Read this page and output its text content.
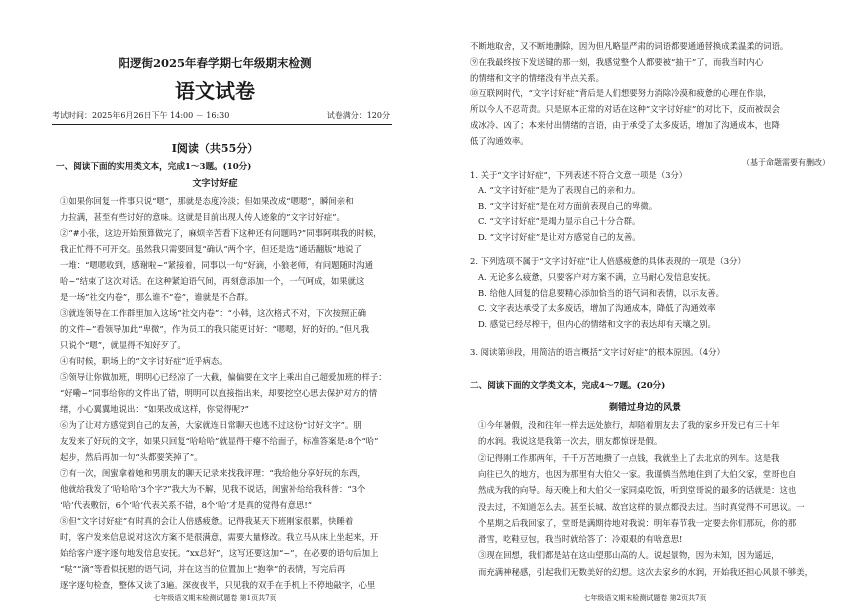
阳逻街2025年春学期七年级期末检测
语文试卷
考试时间：2025年6月26日下午 14:00 － 16:30	试卷满分：120分
Ⅰ阅读（共55分）
一、阅读下面的实用类文本，完成1～3题。(10分)
文字讨好症
①如果你回复一件事只说“嗯”，那就是态度冷淡；但如果改成“嗯嗯”，瞬间亲和
力拉满，甚至有些讨好的意味。这就是目前出现人传人迹象的“文字讨好症”。
②“#小张，这边开始预算做完了，麻烦辛苦看下这种还有问题吗?”同事阿琪我的时候，
我正忙得不可开交。虽然我只需要回复“确认”两个字，但还是选“通话翻版”地说了
一堆：“嗯嗯收到，感谢啦~”紧接着，同事以一句“好滴，小狼老师，有问题随时沟通
哈~”结束了这次对话。在这种紧迫语气间，再刻意添加一个，一气呵成，如果就这
是一场“社交内卷”，那么谁不“卷”，谁就是不合群。
③就连领导在工作群里加入这场“社交内卷”：“小韩，这次格式不对，下次按照正确
的文件~”看领导加此“卑微”，作为员工的我只能更讨好：“嗯嗯，好的好的。”但凡我
只说个“嗯”，就显得不知好歹了。
④有时候，职场上的“文字讨好症”近乎病态。
⑤领导让你做加班，明明心已经凉了一大截，偏偏要在文字上乘出自己超爱加班的样子：
“好嘞~”同事给你的文件出了错，明明可以直接指出来，却要挖空心思去保护对方的情
绪，小心翼翼地说出：“如果改成这样，你觉得呢?”
⑥为了让对方感觉到自己的友善，大家就连日常聊天也逃不过这份“讨好文字”。朋
友发来了好玩的文字，如果只回复“哈哈哈”就显得干瘪不给面子，标准答案是:8个“哈”
起步，然后再加一句“头都要笑掉了”。
⑦有一次，闺蜜拿着她和男朋友的聊天记录来找我评理：“我给他分享好玩的东西，
他就给我发了‘哈哈哈’3个字?”我大为不解，见我不说话，闺蜜补给给我科普：“3个
‘哈’代表敷衍，6个‘哈’代表关系不错，8个‘哈’才是真的觉得有意思!”
⑧但“文字讨好症”有时真的会让人倍感疲惫。记得我某天下班刚家很累，快睡着
时，客户发来信息说对这次方案不是很满意，需要大量修改。我立马从床上坐起来，开
始给客户逐字逐句地发信息安抚。“xx总好”，这写还要这加“~”，在必要的语句后加上
“哒”“滴”等看似抚慰的语气词，并在这当的位置加上“抱拳”的表情，写完后再
逐字逐句检查，整体又读了3遍。深夜夜半，只见我的双手在手机上不停地敲字，心里
七年级语文期末检测试题卷 第1页共7页
不断地取舍，又不断地删除，因为但凡略显严肃的词语都要通通替换成柔温柔的词语。
⑨在我最终按下发送键的那一刻，我感觉整个人都要被“抽干”了，而我当时内心
的情绪和文字的情绪没有半点关系。
⑩互联网时代，“文字讨好症”背后是人们想要努力消除冷漠和疲惫的心理在作祟，
所以今人不忍苛责。只是原本正常的对话在这种“文字讨好症”的对比下，反而被误会
成冰冷、凶了；本来付出情绪的言语，由于承受了太多废话，增加了沟通成本，也降
低了沟通效率。
（基于命题需要有删改）
1. 关于“文字讨好症”，下列表述不符合文意一项是（3分）
A. “文字讨好症”是为了表现自己的亲和力。
B. “文字讨好症”是在对方面前表现自己的卑微。
C. “文字讨好症”是竭力显示自己十分合群。
D. “文字讨好症”是让对方感觉自己的友善。
2. 下列选项不属于“文字讨好症”让人倍感疲惫的具体表现的一项是（3分）
A. 无论多么疲惫，只要客户对方案不满，立马耐心发信息安抚。
B. 给他人回复的信息要精心添加恰当的语气词和表情，以示友善。
C. 文字表达承受了太多废话，增加了沟通成本，降低了沟通效率
D. 感觉已经尽榨干，但内心的情绪和文字的表达却有天壤之别。
3. 阅读第⑩段，用简洁的语言概括“文字讨好症”的根本原因。（4分）
二、阅读下面的文学类文本，完成4～7题。(20分)
剃错过身边的风景
①今年暑假，没和往年一样去远处旅行，却陪着朋友去了我的家乡开发已有三十年
的水润。我说这是我第一次去，朋友都惊讶是假。
②记得刚工作那两年，千千万苦地攒了一点钱，我就坐上了去北京的列车。这是我
向往已久的地方，也因为那里有大伯父一家。我谨慎当然地住到了大伯父家，堂哥也自
然成为我的向导。每天晚上和大伯父一家同桌吃饭，听到堂哥说的最多的话就是：这也
没去过，不知道怎么去。甚至长城、故宫这样的景点都没去过。当时真觉得不可思议。一
个星期之后我回家了，堂哥是满期待地对我说：明年春节我一定要去你们那玩，你的那
滑雪，吃鞋豆包，我当时就给答了：冷艰艰的有啥意思!
③现在回想，我们都是站在这山望那山高的人。说起景物，因为未知，因为遥远，
而充满神秘感，引起我们无数美好的幻想。这次去家乡的水润，开始我还担心风景不够美，
七年级语文期末检测试题卷 第2页共7页
